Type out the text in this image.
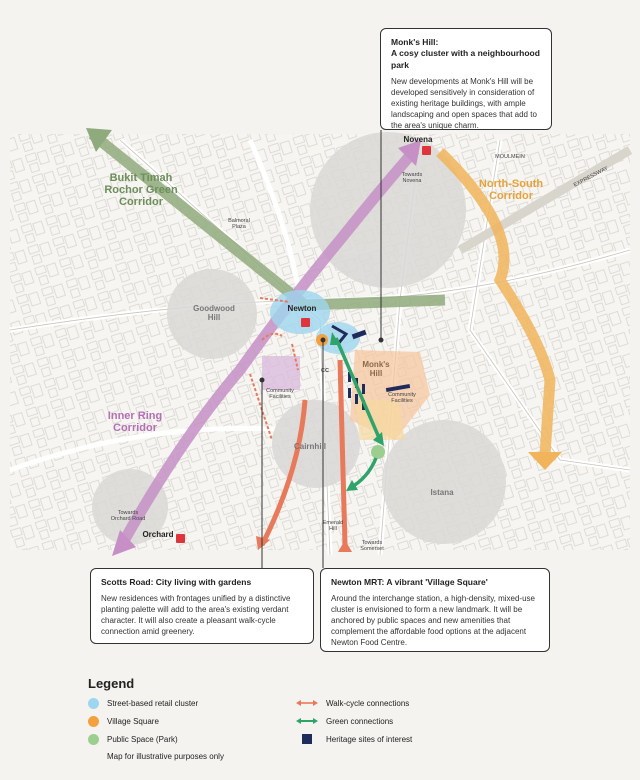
Bukit Timah
Rochor Green
Corridor
North-South
Corridor
Inner Ring
Corridor
Novena
Newton
Orchard
Goodwood
Hill
Cairnhill
Monk's
Hill
Istana
Towards
Novena
Balmoral
Plaza
Community
Facilities	Community
Facilities
Towards
Orchard Road
Emerald
Hill
Towards
Somerset
CC
MOULMEIN
EXPRESSWAY
Monk's Hill:
A cosy cluster with a neighbourhood park
New developments at Monk's Hill will be developed sensitively in consideration of existing heritage buildings, with ample landscaping and open spaces that add to the area's unique charm.
Scotts Road: City living with gardens
New residences with frontages unified by a distinctive planting palette will add to the area's existing verdant character. It will also create a pleasant walk-cycle connection amid greenery.
Newton MRT: A vibrant 'Village Square'
Around the interchange station, a high-density, mixed-use cluster is envisioned to form a new landmark. It will be anchored by public spaces and new amenities that complement the affordable food options at the adjacent Newton Food Centre.
Legend
Street-based retail cluster
Village Square
Public Space (Park)
Map for illustrative purposes only
Walk-cycle connections
Green connections
Heritage sites of interest
